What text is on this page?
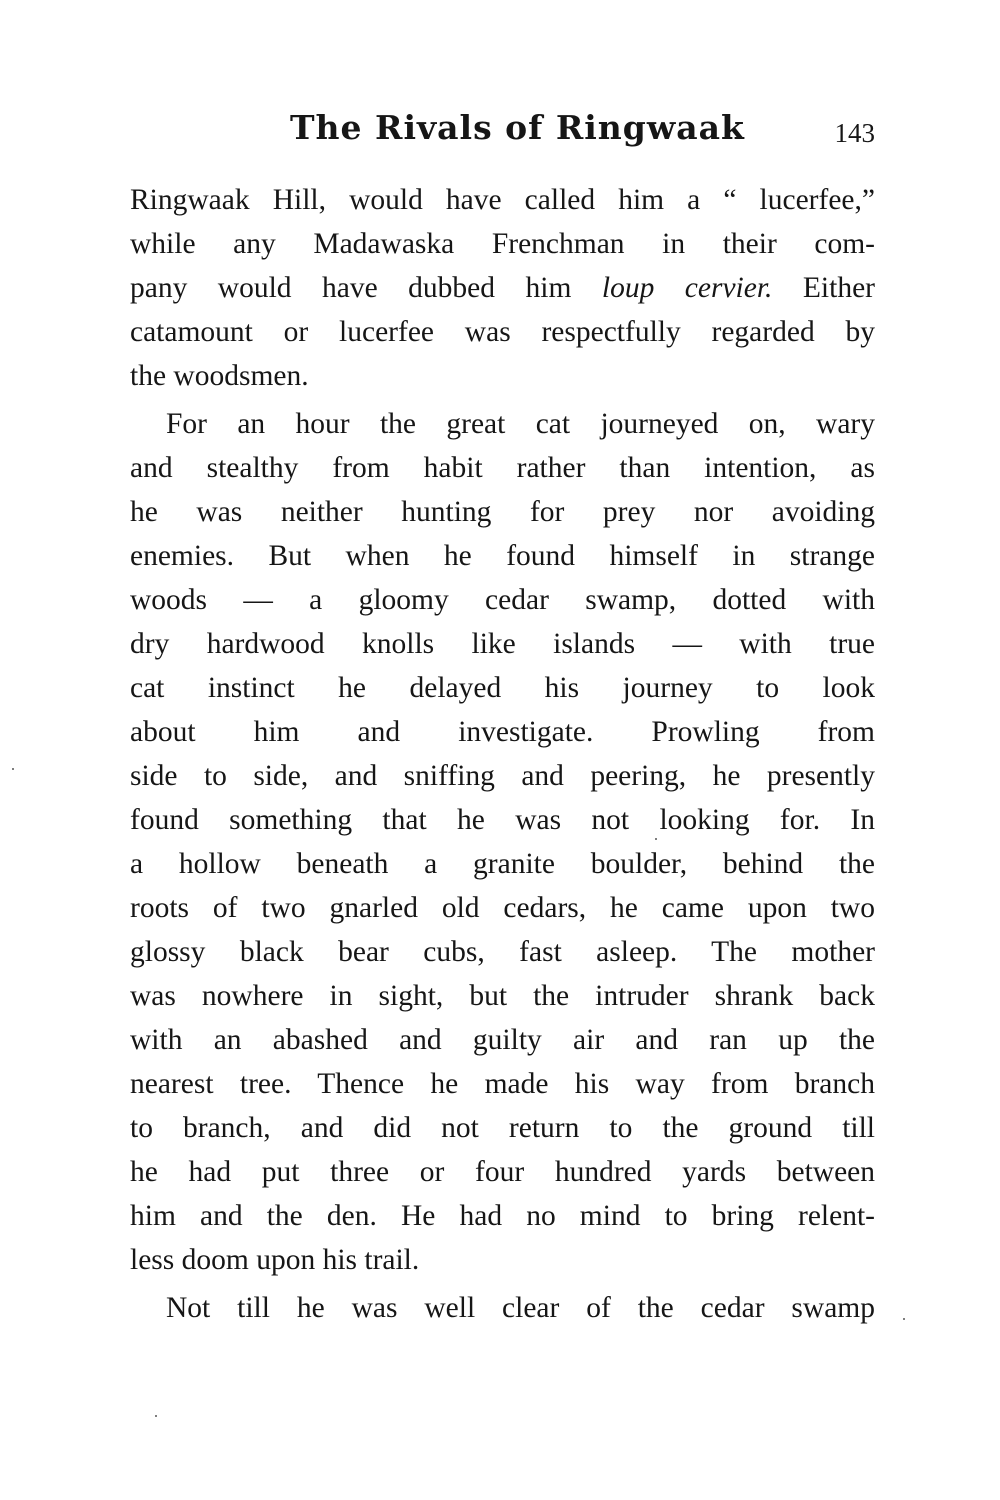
The Rivals of Ringwaak	143
Ringwaak Hill, would have called him a “ lucerfee,”
while any Madawaska Frenchman in their com-
pany would have dubbed him loup cervier. Either
catamount or lucerfee was respectfully regarded by
the woodsmen.
For an hour the great cat journeyed on, wary
and stealthy from habit rather than intention, as
he was neither hunting for prey nor avoiding
enemies. But when he found himself in strange
woods — a gloomy cedar swamp, dotted with
dry hardwood knolls like islands — with true
cat instinct he delayed his journey to look
about him and investigate. Prowling from
side to side, and sniffing and peering, he presently
found something that he was not looking for. In
a hollow beneath a granite boulder, behind the
roots of two gnarled old cedars, he came upon two
glossy black bear cubs, fast asleep. The mother
was nowhere in sight, but the intruder shrank back
with an abashed and guilty air and ran up the
nearest tree. Thence he made his way from branch
to branch, and did not return to the ground till
he had put three or four hundred yards between
him and the den. He had no mind to bring relent-
less doom upon his trail.
Not till he was well clear of the cedar swamp
